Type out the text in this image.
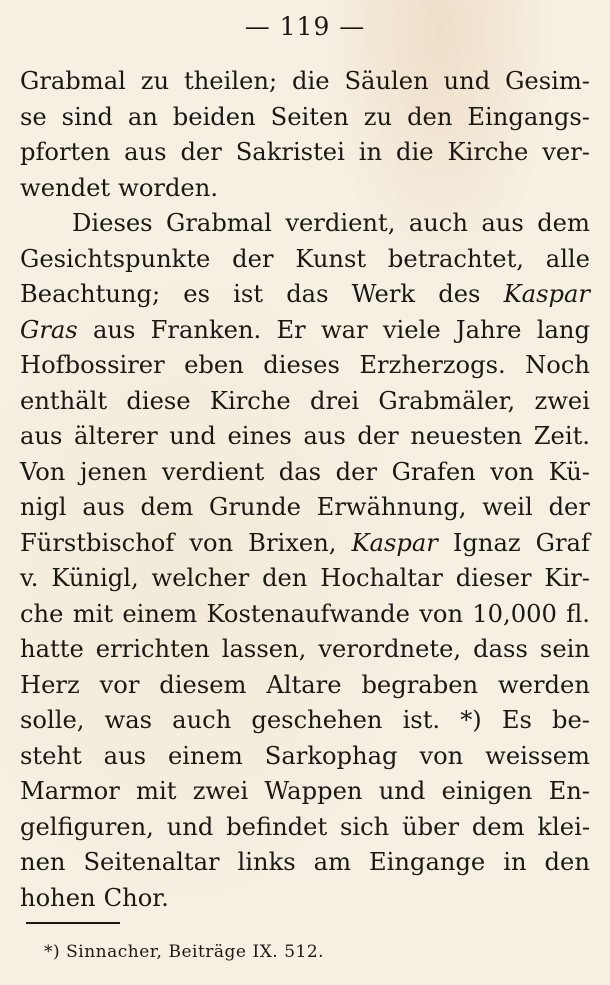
— 119 —
Grabmal zu theilen; die Säulen und Gesim-
se sind an beiden Seiten zu den Eingangs-
pforten aus der Sakristei in die Kirche ver-
wendet worden.
Dieses Grabmal verdient, auch aus dem
Gesichtspunkte der Kunst betrachtet, alle
Beachtung; es ist das Werk des Kaspar
Gras aus Franken. Er war viele Jahre lang
Hofbossirer eben dieses Erzherzogs. Noch
enthält diese Kirche drei Grabmäler, zwei
aus älterer und eines aus der neuesten Zeit.
Von jenen verdient das der Grafen von Kü-
nigl aus dem Grunde Erwähnung, weil der
Fürstbischof von Brixen, Kaspar Ignaz Graf
v. Künigl, welcher den Hochaltar dieser Kir-
che mit einem Kostenaufwande von 10,000 fl.
hatte errichten lassen, verordnete, dass sein
Herz vor diesem Altare begraben werden
solle, was auch geschehen ist. *) Es be-
steht aus einem Sarkophag von weissem
Marmor mit zwei Wappen und einigen En-
gelfiguren, und befindet sich über dem klei-
nen Seitenaltar links am Eingange in den
hohen Chor.
*) Sinnacher, Beiträge IX. 512.
